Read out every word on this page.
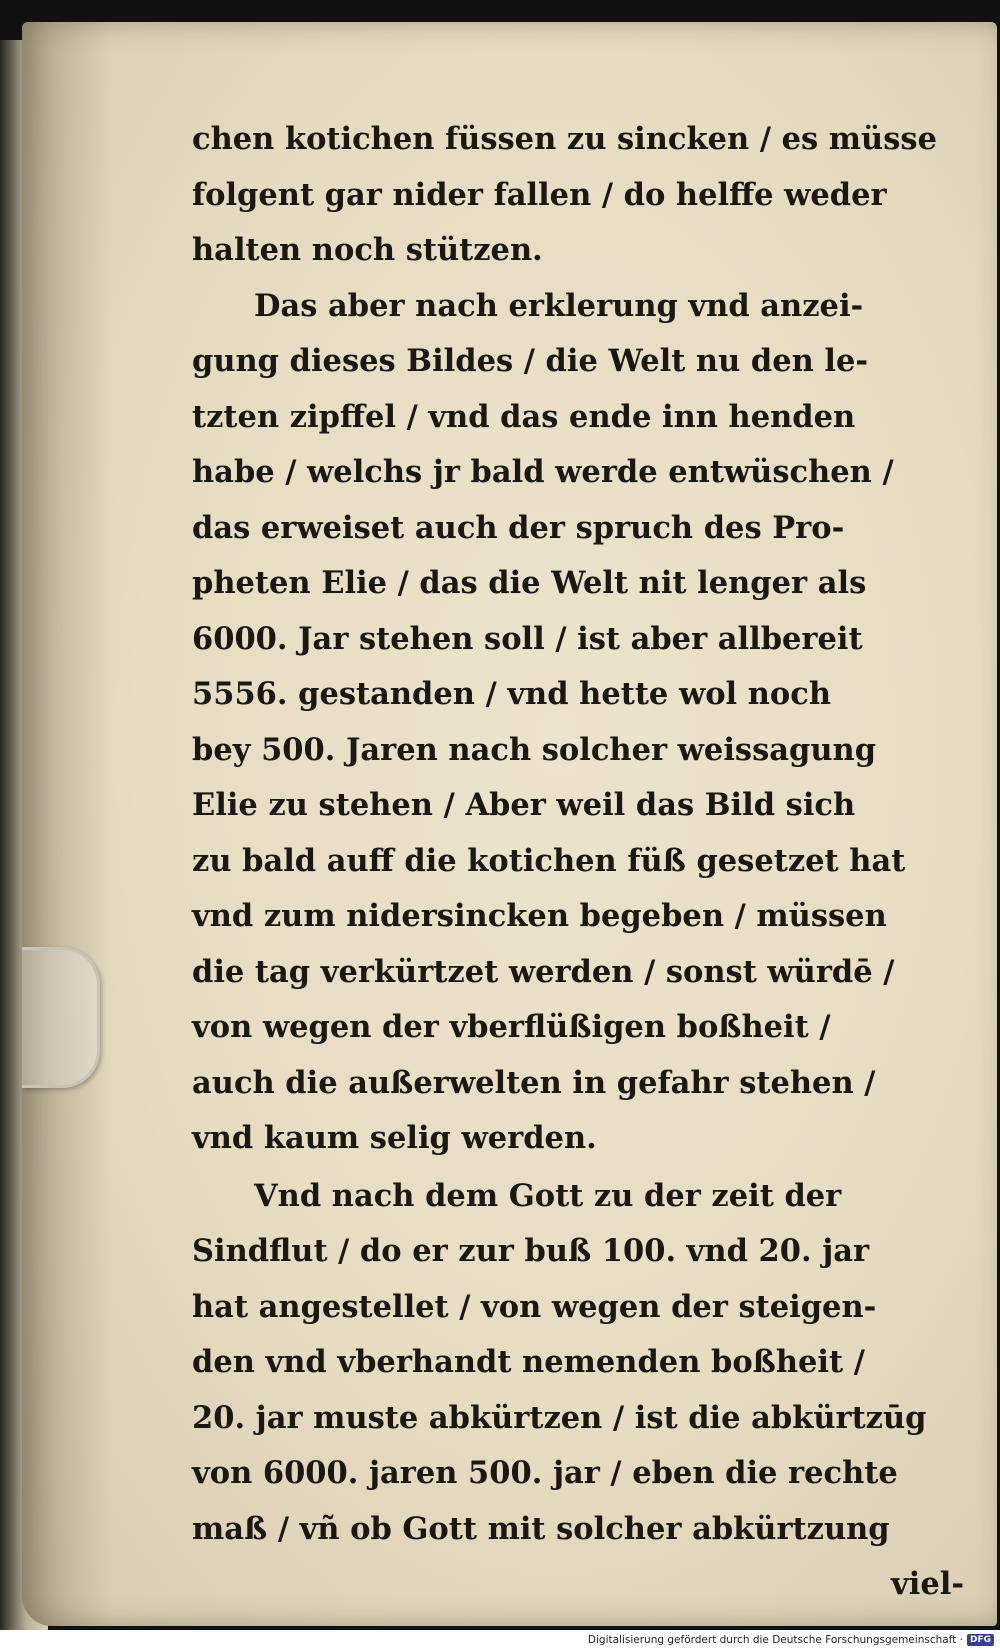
chen kotichen füssen zu sincken / es müsse
folgent gar nider fallen / do helffe weder
halten noch stützen.
Das aber nach erklerung vnd anzei-
gung dieses Bildes / die Welt nu den le-
tzten zipffel / vnd das ende inn henden
habe / welchs jr bald werde entwüschen /
das erweiset auch der spruch des Pro-
pheten Elie / das die Welt nit lenger als
6000. Jar stehen soll / ist aber allbereit
5556. gestanden / vnd hette wol noch
bey 500. Jaren nach solcher weissagung
Elie zu stehen / Aber weil das Bild sich
zu bald auff die kotichen füß gesetzet hat
vnd zum nidersincken begeben / müssen
die tag verkürtzet werden / sonst würdē /
von wegen der vberflüßigen boßheit /
auch die außerwelten in gefahr stehen /
vnd kaum selig werden.
Vnd nach dem Gott zu der zeit der
Sindflut / do er zur buß 100. vnd 20. jar
hat angestellet / von wegen der steigen-
den vnd vberhandt nemenden boßheit /
20. jar muste abkürtzen / ist die abkürtzūg
von 6000. jaren 500. jar / eben die rechte
maß / vñ ob Gott mit solcher abkürtzung
viel-
Digitalisierung gefördert durch die Deutsche Forschungsgemeinschaft · DFG
